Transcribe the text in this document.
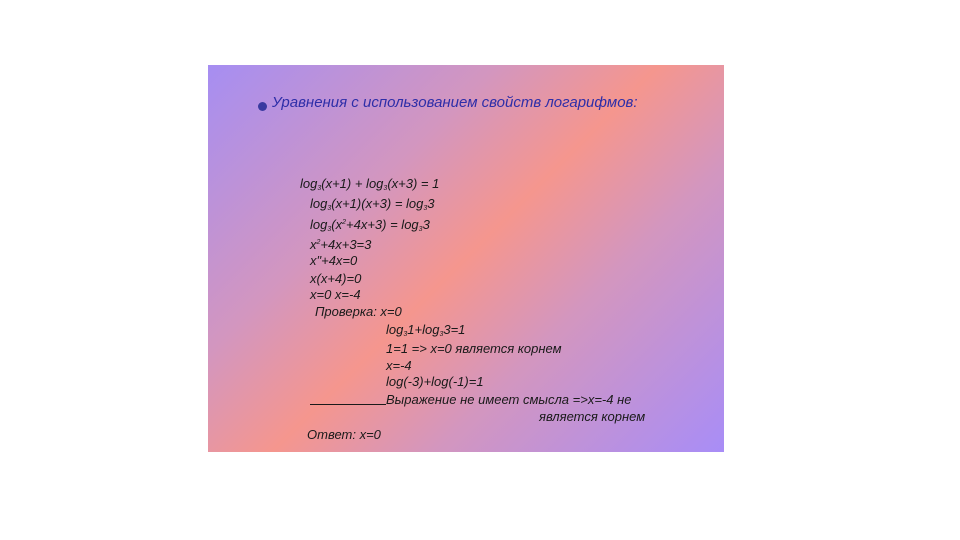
Уравнения с использованием свойств логарифмов:
$\log_3(x+1) + \log_3(x+3) = 1$
$\log_3(x+1)(x+3) = \log_33$
$\log_3(x^2+4x+3) = \log_33$
$x^2+4x+3=3$
x"+4x=0
x(x+4)=0
x=0 x=-4
Проверка: x=0
$\log_31+\log_33=1$
1=1 => x=0 является корнем
x=-4
log(-3)+log(-1)=1
Выражение не имеет смысла =>x=-4 не
является корнем
Ответ: x=0
